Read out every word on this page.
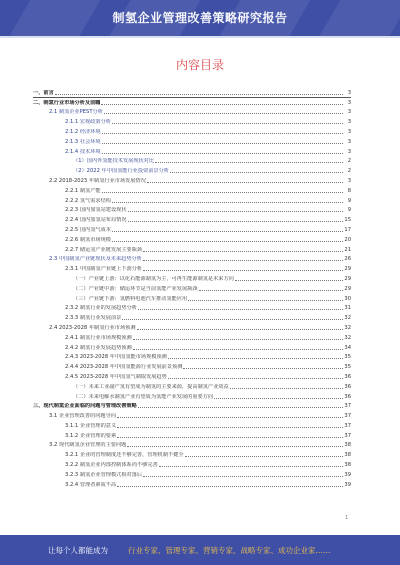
制氢企业管理改善策略研究报告
内容目录
一、前言	3
二、制氢行业市场分析及前瞻	3
2.1 制氢企业PEST分析	3
2.1.1 宏观政策分析	3
2.1.2 经济环境	3
2.1.3 社会环境	3
2.1.4 技术环境	3
（1）国内外氢能技术发展现状对比	2
（2）2022 年中国氢能行业投资前景分析	2
2.2 2018-2023 年制氢行业市场发展情况	3
2.2.1 制氢产能	8
2.2.2 氢气需求结构	9
2.2.3 国内加氢站建设现状	9
2.2.4 国内加氢站布局情况	15
2.2.5 国内氢气成本	17
2.2.6 制氢市场规模	20
2.2.7 储运氢产业链发展主要瓶颈	21
2.3 中国制氢产业链现状及未来趋势分析	26
2.3.1 中国制氢产业链上下游分析	29
（一）产业链上游：以化石能源制氢为主，可再生能源制氢是未来方向	29
（二）产业链中游：储运环节是当前氢能产业发展瓶颈	29
（三）产业链下游：氢燃料电池汽车推动氢能应用	30
2.3.2 制氢行业的发展趋势分析	31
2.3.3 制氢行业发展前景	32
2.4 2023-2028 年制氢行业市场预测	32
2.4.1 制氢行业市场规模预测	32
2.4.2 制氢行业发展趋势预测	34
2.4.3 2023-2028 年中国氢能市场规模预测	35
2.4.4 2023-2028 年中国氢能源行业发展前景预测	35
2.4.5 2023-2028 年中国氢气制取发展趋势	36
（一）未来工业副产氢有望成为制氢的主要来源，提高制氢产业效益	36
（二）未来电解水制氢产业有望成为氢能产业发展的重要方向	36
三、现代制氢企业面临的问题与管理改善策略	37
3.1 企业管理改善的问题导向	37
3.1.1 企业管理的意义	37
3.1.2 企业管理的要素	37
3.2 现代制氢企业管理的主要问题	38
3.2.1 企业的管理制度还不够完善，管理机制不健全	38
3.2.2 制氢企业内部控制体系尚不够完善	38
3.2.3 制氢企业管理模式相对落后	39
3.2.4 管理者素质不高	39
1
让每个人都能成为	行业专家、管理专家、营销专家、战略专家、成功企业家……
